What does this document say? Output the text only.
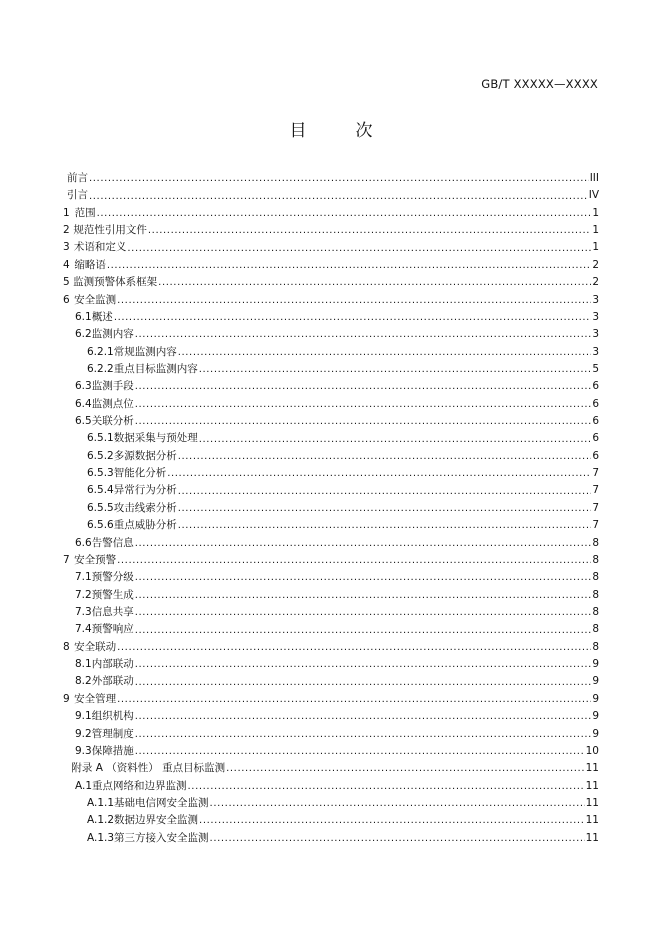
GB/T XXXXX—XXXX
目　次
前言 .....	III
引言 .....	IV
1 范围 .....	1
2 规范性引用文件 .....	1
3 术语和定义 .....	1
4 缩略语 .....	2
5 监测预警体系框架 .....	2
6 安全监测 .....	3
6.1 概述 .....	3
6.2 监测内容 .....	3
6.2.1 常规监测内容 .....	3
6.2.2 重点目标监测内容 .....	5
6.3 监测手段 .....	6
6.4 监测点位 .....	6
6.5 关联分析 .....	6
6.5.1 数据采集与预处理 .....	6
6.5.2 多源数据分析 .....	6
6.5.3 智能化分析 .....	7
6.5.4 异常行为分析 .....	7
6.5.5 攻击线索分析 .....	7
6.5.6 重点威胁分析 .....	7
6.6 告警信息 .....	8
7 安全预警 .....	8
7.1 预警分级 .....	8
7.2 预警生成 .....	8
7.3 信息共享 .....	8
7.4 预警响应 .....	8
8 安全联动 .....	8
8.1 内部联动 .....	9
8.2 外部联动 .....	9
9 安全管理 .....	9
9.1 组织机构 .....	9
9.2 管理制度 .....	9
9.3 保障措施 .....	10
附录 A （资料性） 重点目标监测 .....	11
A.1 重点网络和边界监测 .....	11
A.1.1 基础电信网安全监测 .....	11
A.1.2 数据边界安全监测 .....	11
A.1.3 第三方接入安全监测 .....	11
